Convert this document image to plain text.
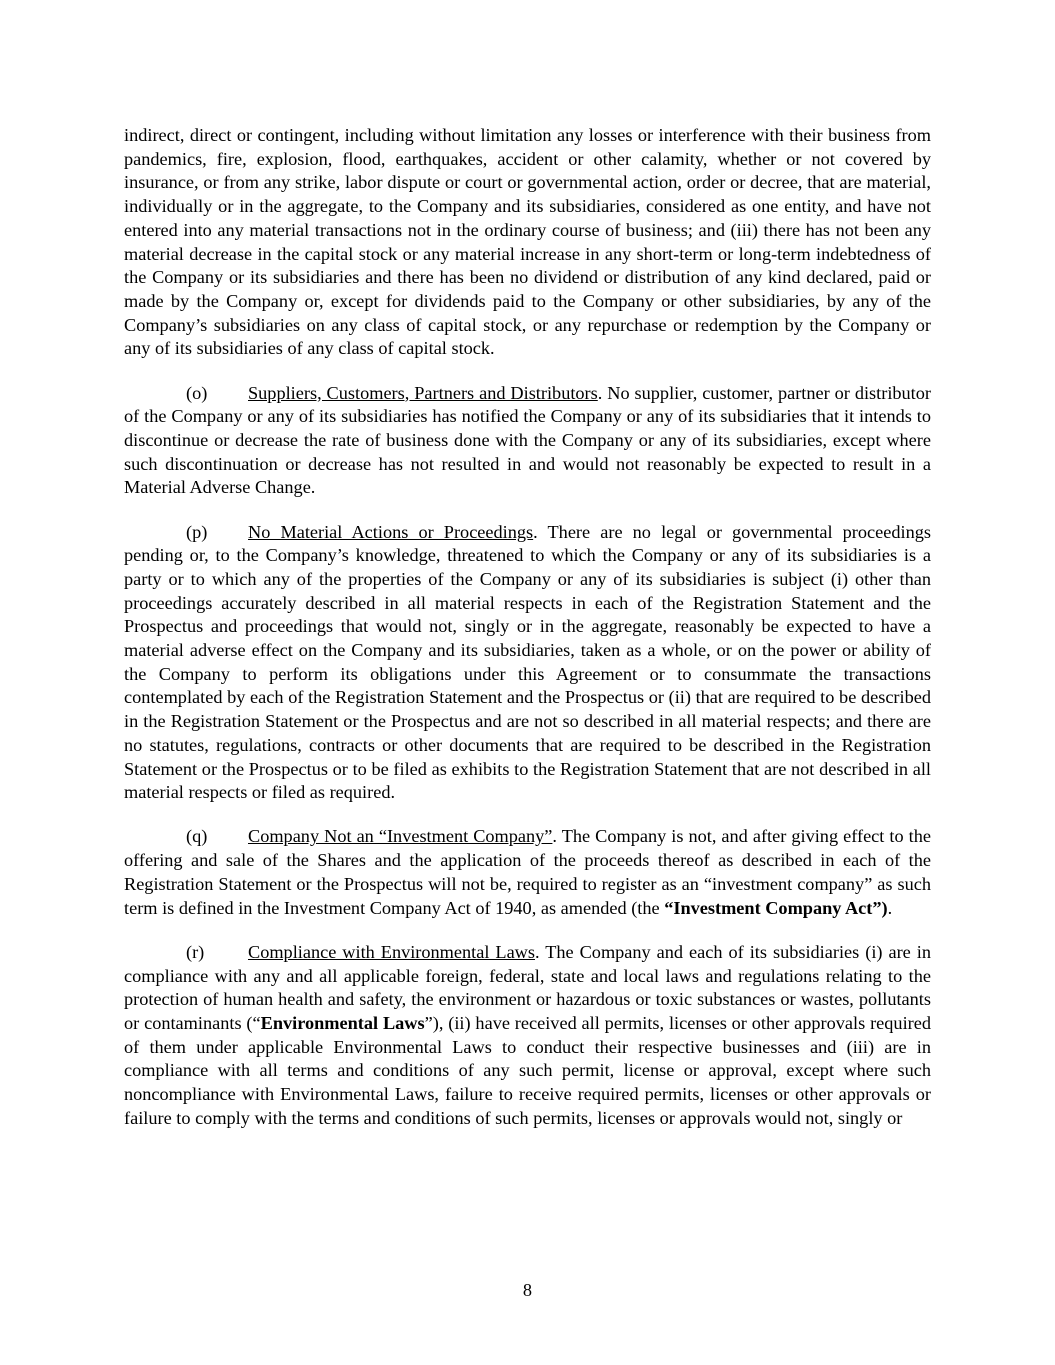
indirect, direct or contingent, including without limitation any losses or interference with their business from pandemics, fire, explosion, flood, earthquakes, accident or other calamity, whether or not covered by insurance, or from any strike, labor dispute or court or governmental action, order or decree, that are material, individually or in the aggregate, to the Company and its subsidiaries, considered as one entity, and have not entered into any material transactions not in the ordinary course of business; and (iii) there has not been any material decrease in the capital stock or any material increase in any short-term or long-term indebtedness of the Company or its subsidiaries and there has been no dividend or distribution of any kind declared, paid or made by the Company or, except for dividends paid to the Company or other subsidiaries, by any of the Company’s subsidiaries on any class of capital stock, or any repurchase or redemption by the Company or any of its subsidiaries of any class of capital stock.

(o) Suppliers, Customers, Partners and Distributors. No supplier, customer, partner or distributor of the Company or any of its subsidiaries has notified the Company or any of its subsidiaries that it intends to discontinue or decrease the rate of business done with the Company or any of its subsidiaries, except where such discontinuation or decrease has not resulted in and would not reasonably be expected to result in a Material Adverse Change.

(p) No Material Actions or Proceedings. There are no legal or governmental proceedings pending or, to the Company’s knowledge, threatened to which the Company or any of its subsidiaries is a party or to which any of the properties of the Company or any of its subsidiaries is subject (i) other than proceedings accurately described in all material respects in each of the Registration Statement and the Prospectus and proceedings that would not, singly or in the aggregate, reasonably be expected to have a material adverse effect on the Company and its subsidiaries, taken as a whole, or on the power or ability of the Company to perform its obligations under this Agreement or to consummate the transactions contemplated by each of the Registration Statement and the Prospectus or (ii) that are required to be described in the Registration Statement or the Prospectus and are not so described in all material respects; and there are no statutes, regulations, contracts or other documents that are required to be described in the Registration Statement or the Prospectus or to be filed as exhibits to the Registration Statement that are not described in all material respects or filed as required.

(q) Company Not an “Investment Company”. The Company is not, and after giving effect to the offering and sale of the Shares and the application of the proceeds thereof as described in each of the Registration Statement or the Prospectus will not be, required to register as an “investment company” as such term is defined in the Investment Company Act of 1940, as amended (the “Investment Company Act”).

(r) Compliance with Environmental Laws. The Company and each of its subsidiaries (i) are in compliance with any and all applicable foreign, federal, state and local laws and regulations relating to the protection of human health and safety, the environment or hazardous or toxic substances or wastes, pollutants or contaminants (“Environmental Laws”), (ii) have received all permits, licenses or other approvals required of them under applicable Environmental Laws to conduct their respective businesses and (iii) are in compliance with all terms and conditions of any such permit, license or approval, except where such noncompliance with Environmental Laws, failure to receive required permits, licenses or other approvals or failure to comply with the terms and conditions of such permits, licenses or approvals would not, singly or

8
